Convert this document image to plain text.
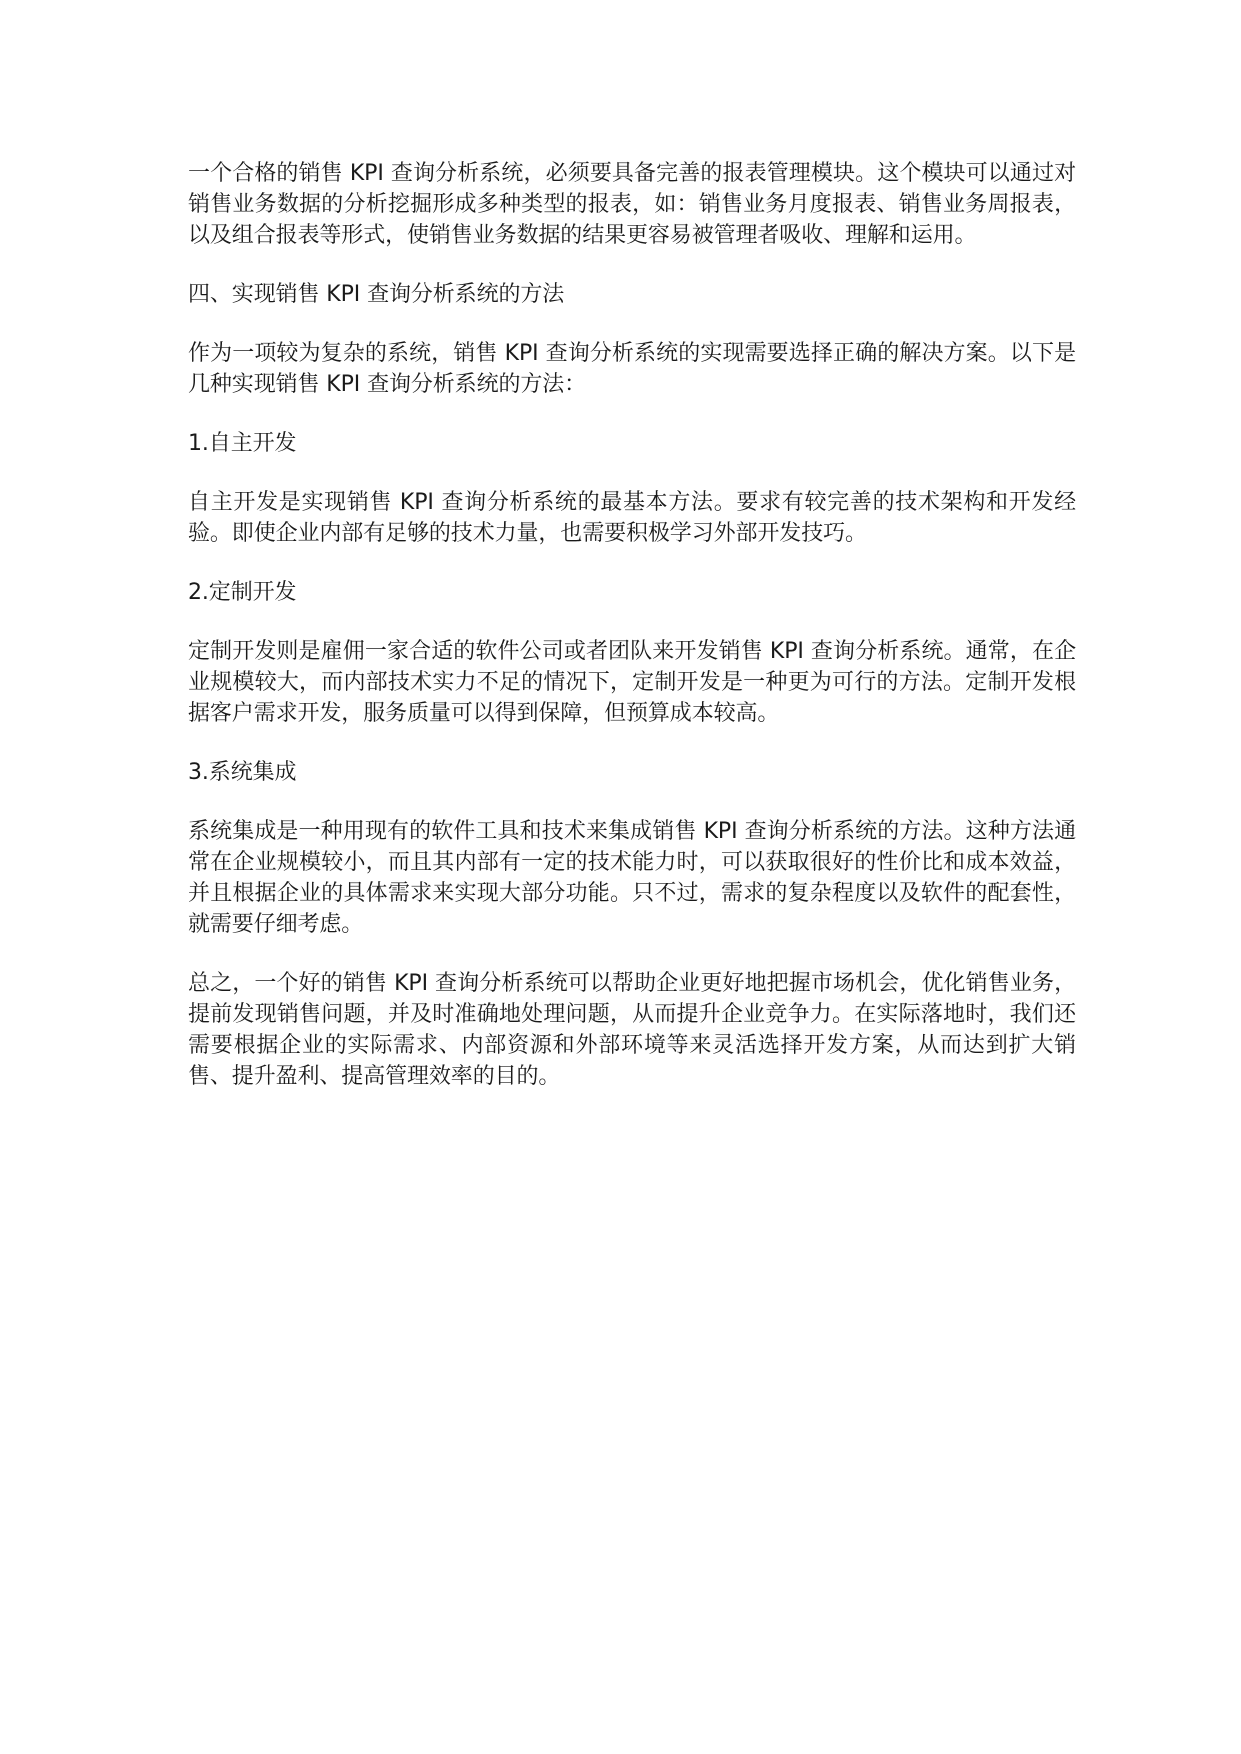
一个合格的销售 KPI 查询分析系统，必须要具备完善的报表管理模块。这个模块可以通过对销售业务数据的分析挖掘形成多种类型的报表，如：销售业务月度报表、销售业务周报表，以及组合报表等形式，使销售业务数据的结果更容易被管理者吸收、理解和运用。

四、实现销售 KPI 查询分析系统的方法

作为一项较为复杂的系统，销售 KPI 查询分析系统的实现需要选择正确的解决方案。以下是几种实现销售 KPI 查询分析系统的方法：

1.自主开发

自主开发是实现销售 KPI 查询分析系统的最基本方法。要求有较完善的技术架构和开发经验。即使企业内部有足够的技术力量，也需要积极学习外部开发技巧。

2.定制开发

定制开发则是雇佣一家合适的软件公司或者团队来开发销售 KPI 查询分析系统。通常，在企业规模较大，而内部技术实力不足的情况下，定制开发是一种更为可行的方法。定制开发根据客户需求开发，服务质量可以得到保障，但预算成本较高。

3.系统集成

系统集成是一种用现有的软件工具和技术来集成销售 KPI 查询分析系统的方法。这种方法通常在企业规模较小，而且其内部有一定的技术能力时，可以获取很好的性价比和成本效益，并且根据企业的具体需求来实现大部分功能。只不过，需求的复杂程度以及软件的配套性，就需要仔细考虑。

总之，一个好的销售 KPI 查询分析系统可以帮助企业更好地把握市场机会，优化销售业务，提前发现销售问题，并及时准确地处理问题，从而提升企业竞争力。在实际落地时，我们还需要根据企业的实际需求、内部资源和外部环境等来灵活选择开发方案，从而达到扩大销售、提升盈利、提高管理效率的目的。
